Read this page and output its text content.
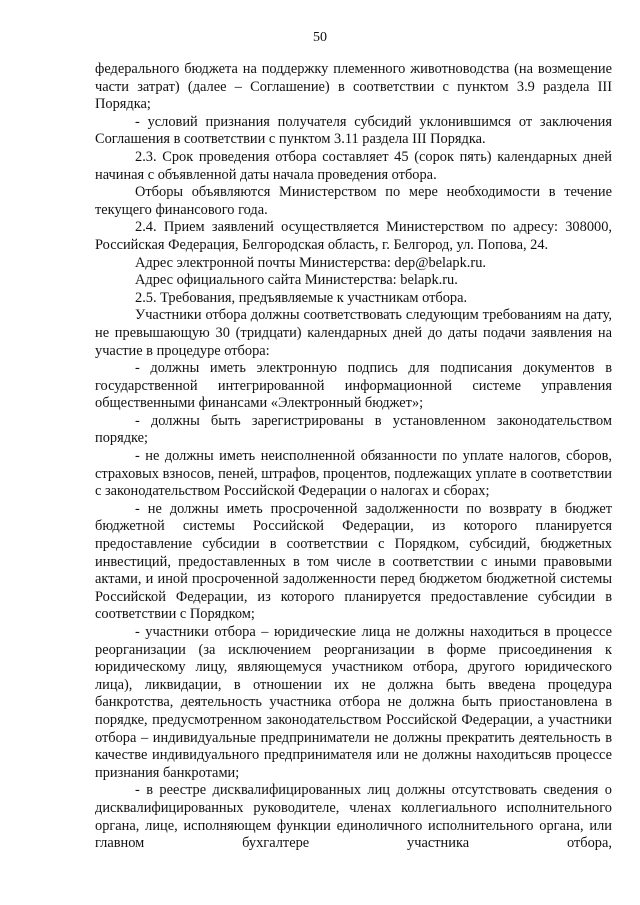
50

федерального бюджета на поддержку племенного животноводства (на возмещение части затрат) (далее – Соглашение) в соответствии с пунктом 3.9 раздела III Порядка;

- условий признания получателя субсидий уклонившимся от заключения Соглашения в соответствии с пунктом 3.11 раздела III Порядка.

2.3. Срок проведения отбора составляет 45 (сорок пять) календарных дней начиная с объявленной даты начала проведения отбора.

Отборы объявляются Министерством по мере необходимости в течение текущего финансового года.

2.4. Прием заявлений осуществляется Министерством по адресу: 308000, Российская Федерация, Белгородская область, г. Белгород, ул. Попова, 24.

Адрес электронной почты Министерства: dep@belapk.ru.

Адрес официального сайта Министерства: belapk.ru.

2.5. Требования, предъявляемые к участникам отбора.

Участники отбора должны соответствовать следующим требованиям на дату, не превышающую 30 (тридцати) календарных дней до даты подачи заявления на участие в процедуре отбора:

- должны иметь электронную подпись для подписания документов в государственной интегрированной информационной системе управления общественными финансами «Электронный бюджет»;

- должны быть зарегистрированы в установленном законодательством порядке;

- не должны иметь неисполненной обязанности по уплате налогов, сборов, страховых взносов, пеней, штрафов, процентов, подлежащих уплате в соответствии с законодательством Российской Федерации о налогах и сборах;

- не должны иметь просроченной задолженности по возврату в бюджет бюджетной системы Российской Федерации, из которого планируется предоставление субсидии в соответствии с Порядком, субсидий, бюджетных инвестиций, предоставленных в том числе в соответствии с иными правовыми актами, и иной просроченной задолженности перед бюджетом бюджетной системы Российской Федерации, из которого планируется предоставление субсидии в соответствии с Порядком;

- участники отбора – юридические лица не должны находиться в процессе реорганизации (за исключением реорганизации в форме присоединения к юридическому лицу, являющемуся участником отбора, другого юридического лица), ликвидации, в отношении их не должна быть введена процедура банкротства, деятельность участника отбора не должна быть приостановлена в порядке, предусмотренном законодательством Российской Федерации, а участники отбора – индивидуальные предприниматели не должны прекратить деятельность в качестве индивидуального предпринимателя или не должны находитьсяв процессе признания банкротами;

- в реестре дисквалифицированных лиц должны отсутствовать сведения о дисквалифицированных руководителе, членах коллегиального исполнительного органа, лице, исполняющем функции единоличного исполнительного органа, или главном бухгалтере участника отбора,
